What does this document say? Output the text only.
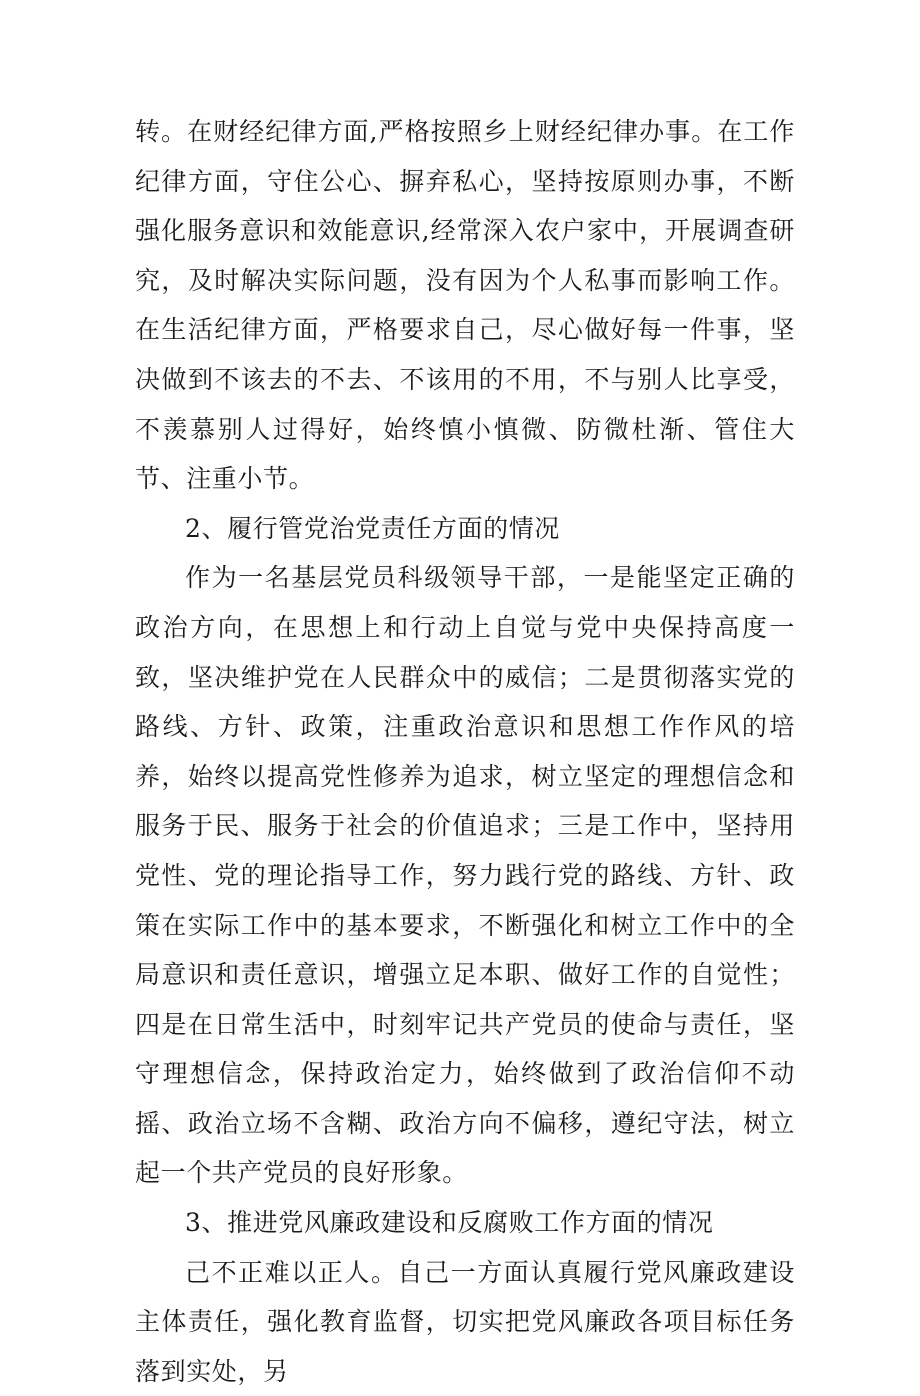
转。在财经纪律方面,严格按照乡上财经纪律办事。在工作纪律方面，守住公心、摒弃私心，坚持按原则办事，不断强化服务意识和效能意识,经常深入农户家中，开展调查研究，及时解决实际问题，没有因为个人私事而影响工作。在生活纪律方面，严格要求自己，尽心做好每一件事，坚决做到不该去的不去、不该用的不用，不与别人比享受，不羡慕别人过得好，始终慎小慎微、防微杜渐、管住大节、注重小节。

2、履行管党治党责任方面的情况

作为一名基层党员科级领导干部，一是能坚定正确的政治方向，在思想上和行动上自觉与党中央保持高度一致，坚决维护党在人民群众中的威信；二是贯彻落实党的路线、方针、政策，注重政治意识和思想工作作风的培养，始终以提高党性修养为追求，树立坚定的理想信念和服务于民、服务于社会的价值追求；三是工作中，坚持用党性、党的理论指导工作，努力践行党的路线、方针、政策在实际工作中的基本要求，不断强化和树立工作中的全局意识和责任意识，增强立足本职、做好工作的自觉性；四是在日常生活中，时刻牢记共产党员的使命与责任，坚守理想信念，保持政治定力，始终做到了政治信仰不动摇、政治立场不含糊、政治方向不偏移，遵纪守法，树立起一个共产党员的良好形象。

3、推进党风廉政建设和反腐败工作方面的情况

己不正难以正人。自己一方面认真履行党风廉政建设主体责任，强化教育监督，切实把党风廉政各项目标任务落到实处，另
